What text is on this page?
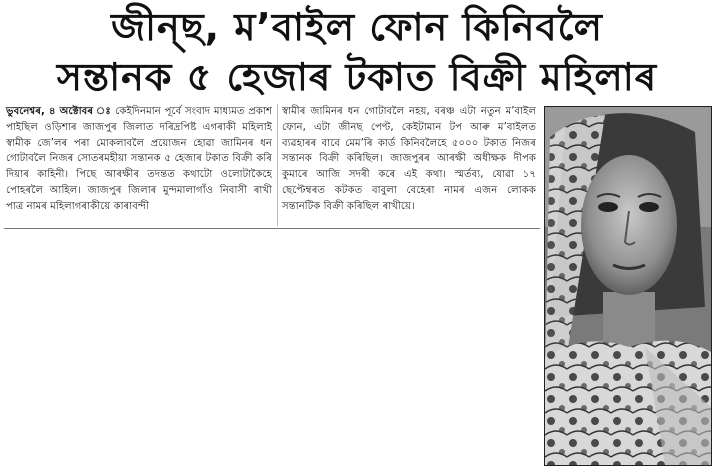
জীন্‌ছ, ম’বাইল ফোন কিনিবলৈ
সন্তানক ৫ হেজাৰ টকাত বিক্ৰী মহিলাৰ
ভুবনেশ্বৰ, ৪ অক্টোবৰ ঃ কেইদিনমান পূৰ্বে সংবাদ মাধ্যমত প্ৰকাশ পাইছিল ওড়িশাৰ জাজপুৰ জিলাত দৰিদ্ৰপিষ্ট এগৰাকী মহিলাই স্বামীক জে’লৰ পৰা মোকলাবলৈ প্ৰয়োজন হোৱা জামিনৰ ধন গোটাবলৈ নিজৰ সোতৰমহীয়া সন্তানক ৫ হেজাৰ টকাত বিক্ৰী কৰি দিয়াৰ কাহিনী। পিছে আৰক্ষীৰ তদন্তত কথাটো ওলোটাকৈহে পোহৰলৈ আহিল। জাজপুৰ জিলাৰ মুন্দমালাগাঁও নিবাসী ৰাখী পাত্ৰ নামৰ মহিলাগৰাকীয়ে কাৰাবন্দী
স্বামীৰ জামিনৰ ধন গোটাবলৈ নহয়, বৰঞ্চ এটা নতুন ম’বাইল ফোন, এটা জীনছ পেণ্ট, কেইটামান টপ আৰু ম’বাইলত ব্যৱহাৰৰ বাবে মেম’ৰি কাৰ্ড কিনিবলৈহে ৫০০০ টকাত নিজৰ সন্তানক বিক্ৰী কৰিছিল। জাজপুৰৰ আৰক্ষী অধীক্ষক দীপক কুমাৰে আজি সদৰী কৰে এই কথা। স্মৰ্তব্য, যোৱা ১৭ ছেপ্টেম্বৰত কটকত বাবুলা বেহেৰা নামৰ এজন লোকক সন্তানটিক বিক্ৰী কৰিছিল ৰাখীয়ে।
